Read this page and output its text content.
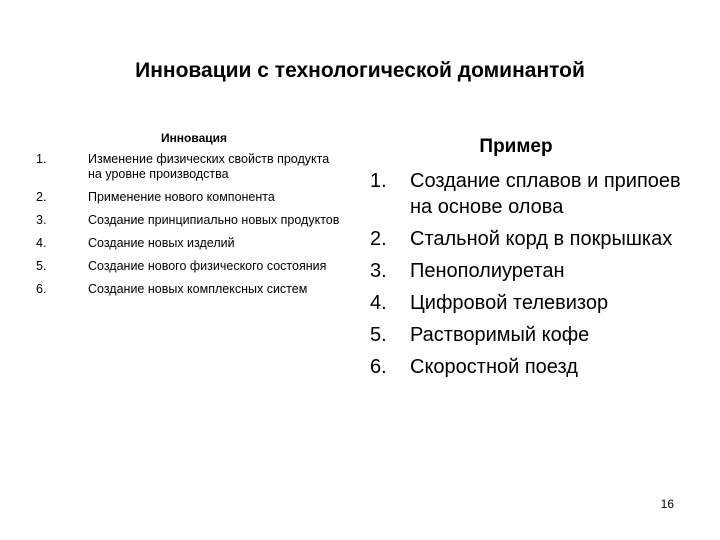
Инновации с технологической доминантой
Инновация
1.	Изменение физических свойств продукта на уровне производства
2.	Применение нового компонента
3.	Создание принципиально новых продуктов
4.	Создание новых изделий
5.	Создание нового физического состояния
6.	Создание новых комплексных систем
Пример
1.	Создание сплавов и припоев на основе олова
2.	Стальной корд в покрышках
3.	Пенополиуретан
4.	Цифровой телевизор
5.	Растворимый кофе
6.	Скоростной поезд
16
